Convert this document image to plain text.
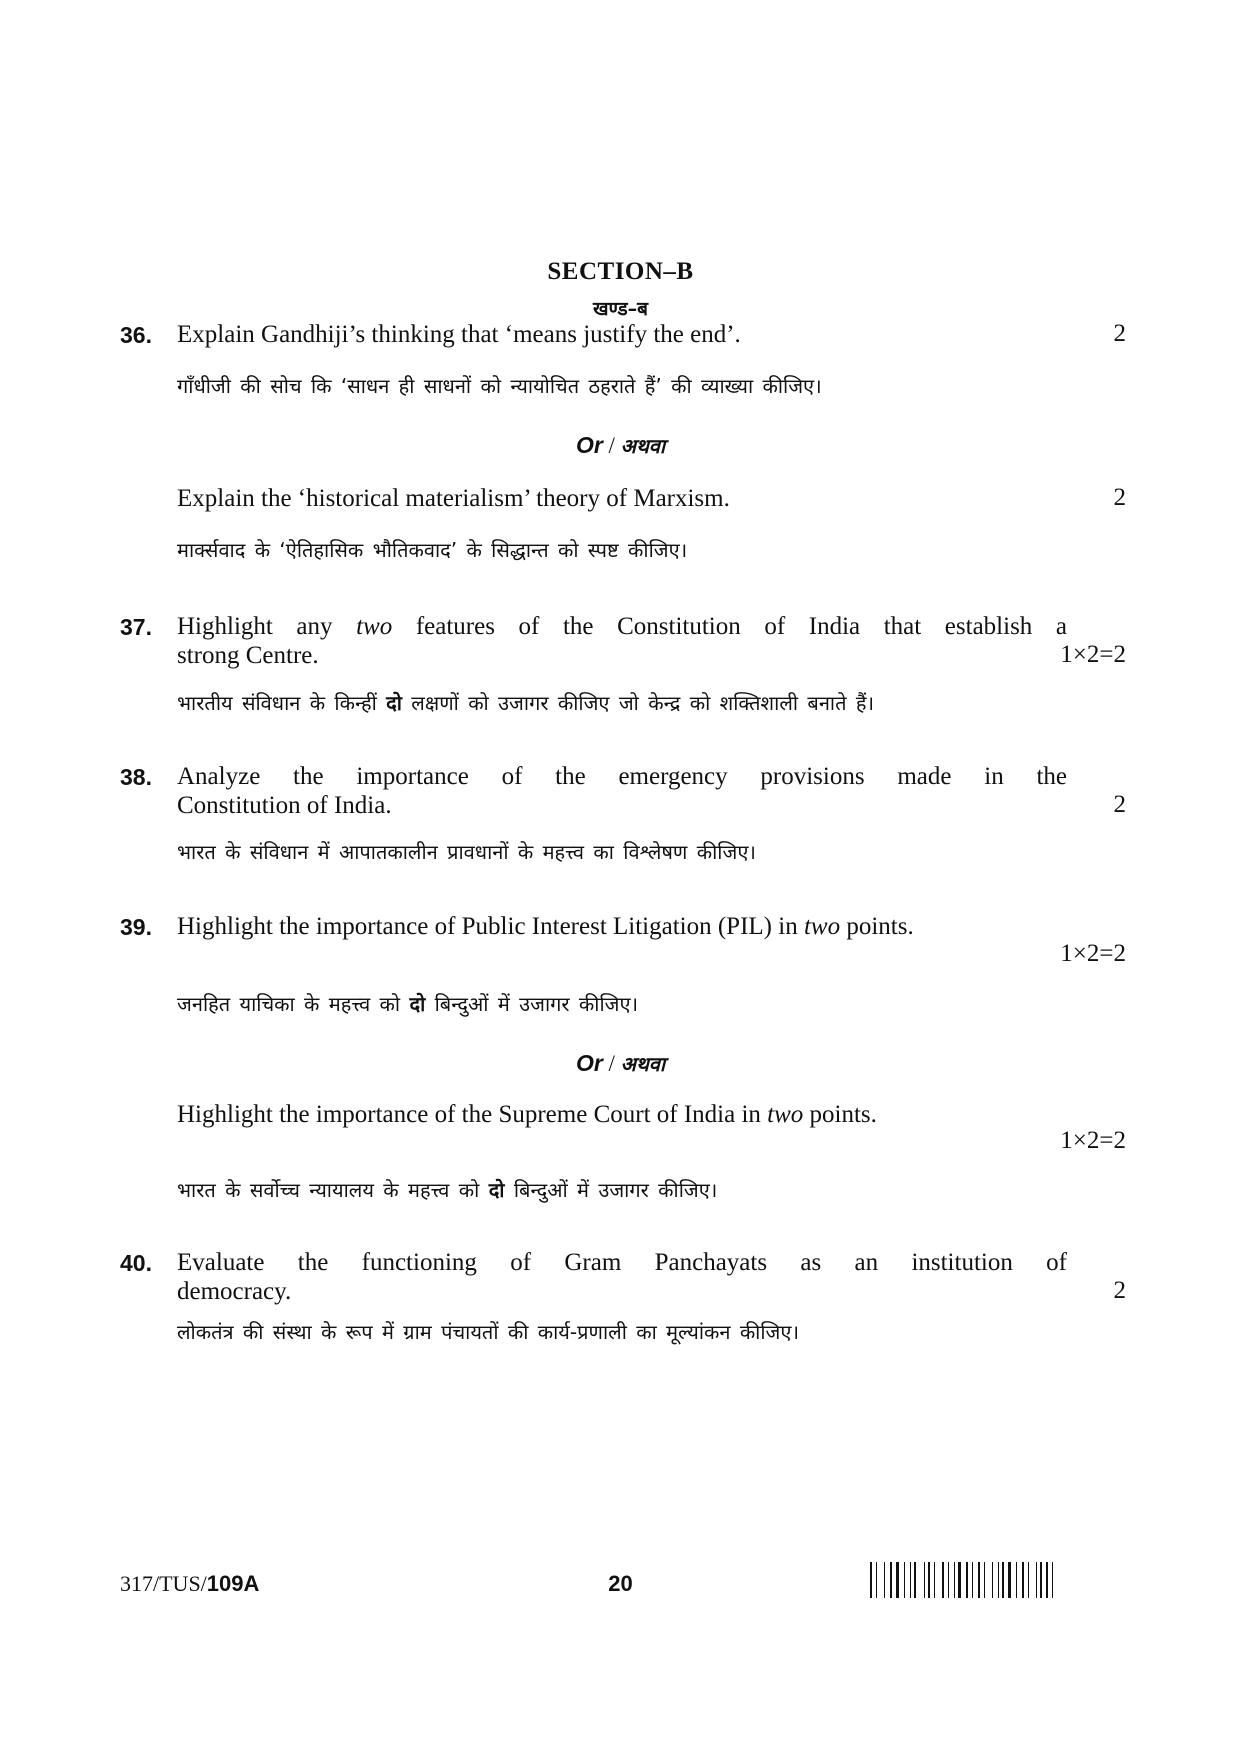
SECTION–B
खण्ड–ब
36.	Explain Gandhiji’s thinking that ‘means justify the end’.	2
गाँधीजी की सोच कि ‘साधन ही साधनों को न्यायोचित ठहराते हैं’ की व्याख्या कीजिए।
Or / अथवा
Explain the ‘historical materialism’ theory of Marxism.	2
मार्क्सवाद के ‘ऐतिहासिक भौतिकवाद’ के सिद्धान्त को स्पष्ट कीजिए।
37.	Highlight any two features of the Constitution of India that establish a
strong Centre.	1×2=2
भारतीय संविधान के किन्हीं दो लक्षणों को उजागर कीजिए जो केन्द्र को शक्तिशाली बनाते हैं।
38.	Analyze the importance of the emergency provisions made in the
Constitution of India.	2
भारत के संविधान में आपातकालीन प्रावधानों के महत्त्व का विश्लेषण कीजिए।
39.	Highlight the importance of Public Interest Litigation (PIL) in two points.
1×2=2
जनहित याचिका के महत्त्व को दो बिन्दुओं में उजागर कीजिए।
Or / अथवा
Highlight the importance of the Supreme Court of India in two points.
1×2=2
भारत के सर्वोच्च न्यायालय के महत्त्व को दो बिन्दुओं में उजागर कीजिए।
40.	Evaluate the functioning of Gram Panchayats as an institution of
democracy.	2
लोकतंत्र की संस्था के रूप में ग्राम पंचायतों की कार्य-प्रणाली का मूल्यांकन कीजिए।
317/TUS/109A	20
